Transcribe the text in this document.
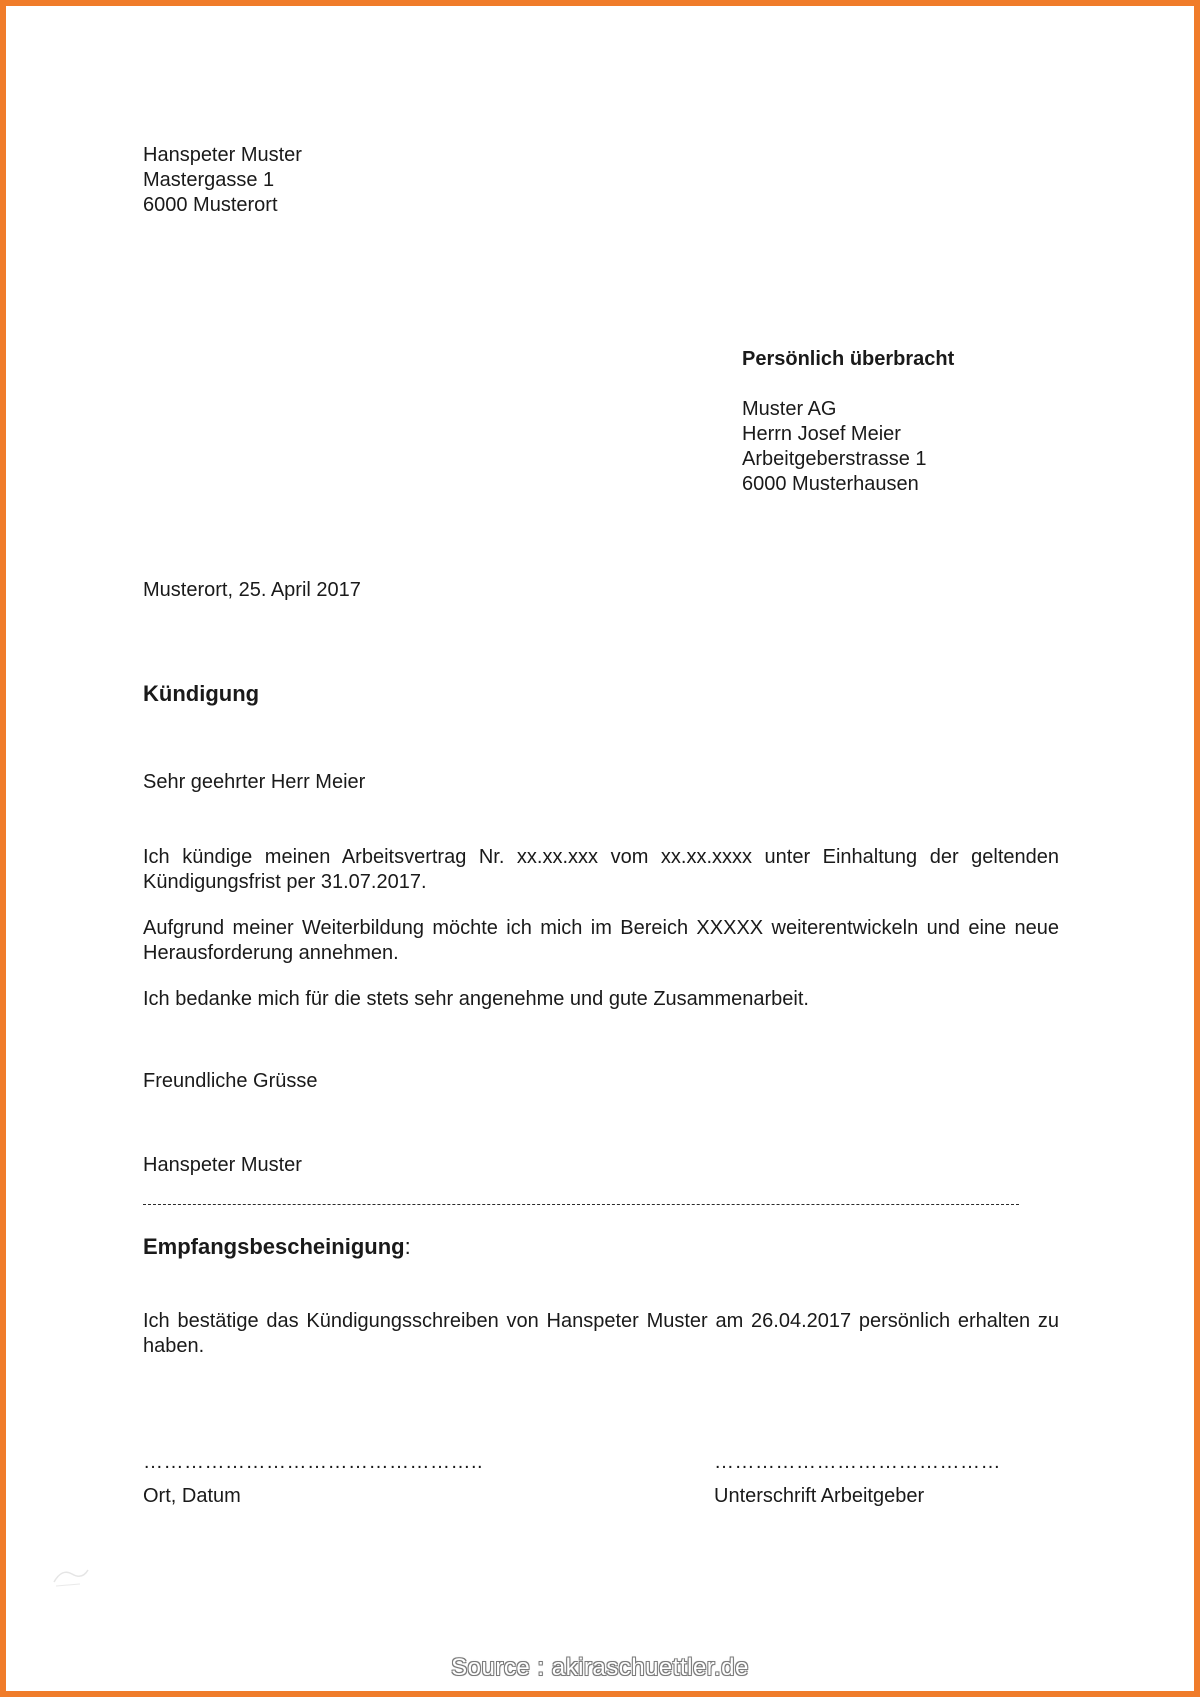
Hanspeter Muster
Mastergasse 1
6000 Musterort
Persönlich überbracht
Muster AG
Herrn Josef Meier
Arbeitgeberstrasse 1
6000 Musterhausen
Musterort, 25. April 2017
Kündigung
Sehr geehrter Herr Meier

Ich kündige meinen Arbeitsvertrag Nr. xx.xx.xxx vom xx.xx.xxxx unter Einhaltung der geltenden Kündigungsfrist per 31.07.2017.

Aufgrund meiner Weiterbildung möchte ich mich im Bereich XXXXX weiterentwickeln und eine neue Herausforderung annehmen.

Ich bedanke mich für die stets sehr angenehme und gute Zusammenarbeit.

Freundliche Grüsse
Hanspeter Muster
Empfangsbescheinigung:

Ich bestätige das Kündigungsschreiben von Hanspeter Muster am 26.04.2017 persönlich erhalten zu haben.

…………………………………………..	……………………………………
Ort, Datum	Unterschrift Arbeitgeber
Source : akiraschuettler.de
